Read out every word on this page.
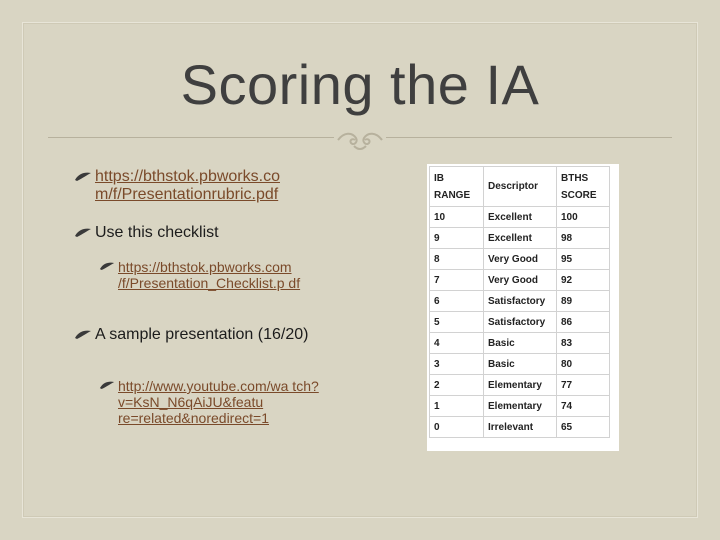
Scoring the IA
https://bthstok.pbworks.co m/f/Presentationrubric.pdf
Use this checklist
https://bthstok.pbworks.com /f/Presentation_Checklist.p df
A sample presentation (16/20)
http://www.youtube.com/wa tch?v=KsN_N6qAiJU&featu re=related&noredirect=1
IB RANGE	Descriptor	BTHS SCORE
10	Excellent	100
9	Excellent	98
8	Very Good	95
7	Very Good	92
6	Satisfactory	89
5	Satisfactory	86
4	Basic	83
3	Basic	80
2	Elementary	77
1	Elementary	74
0	Irrelevant	65
